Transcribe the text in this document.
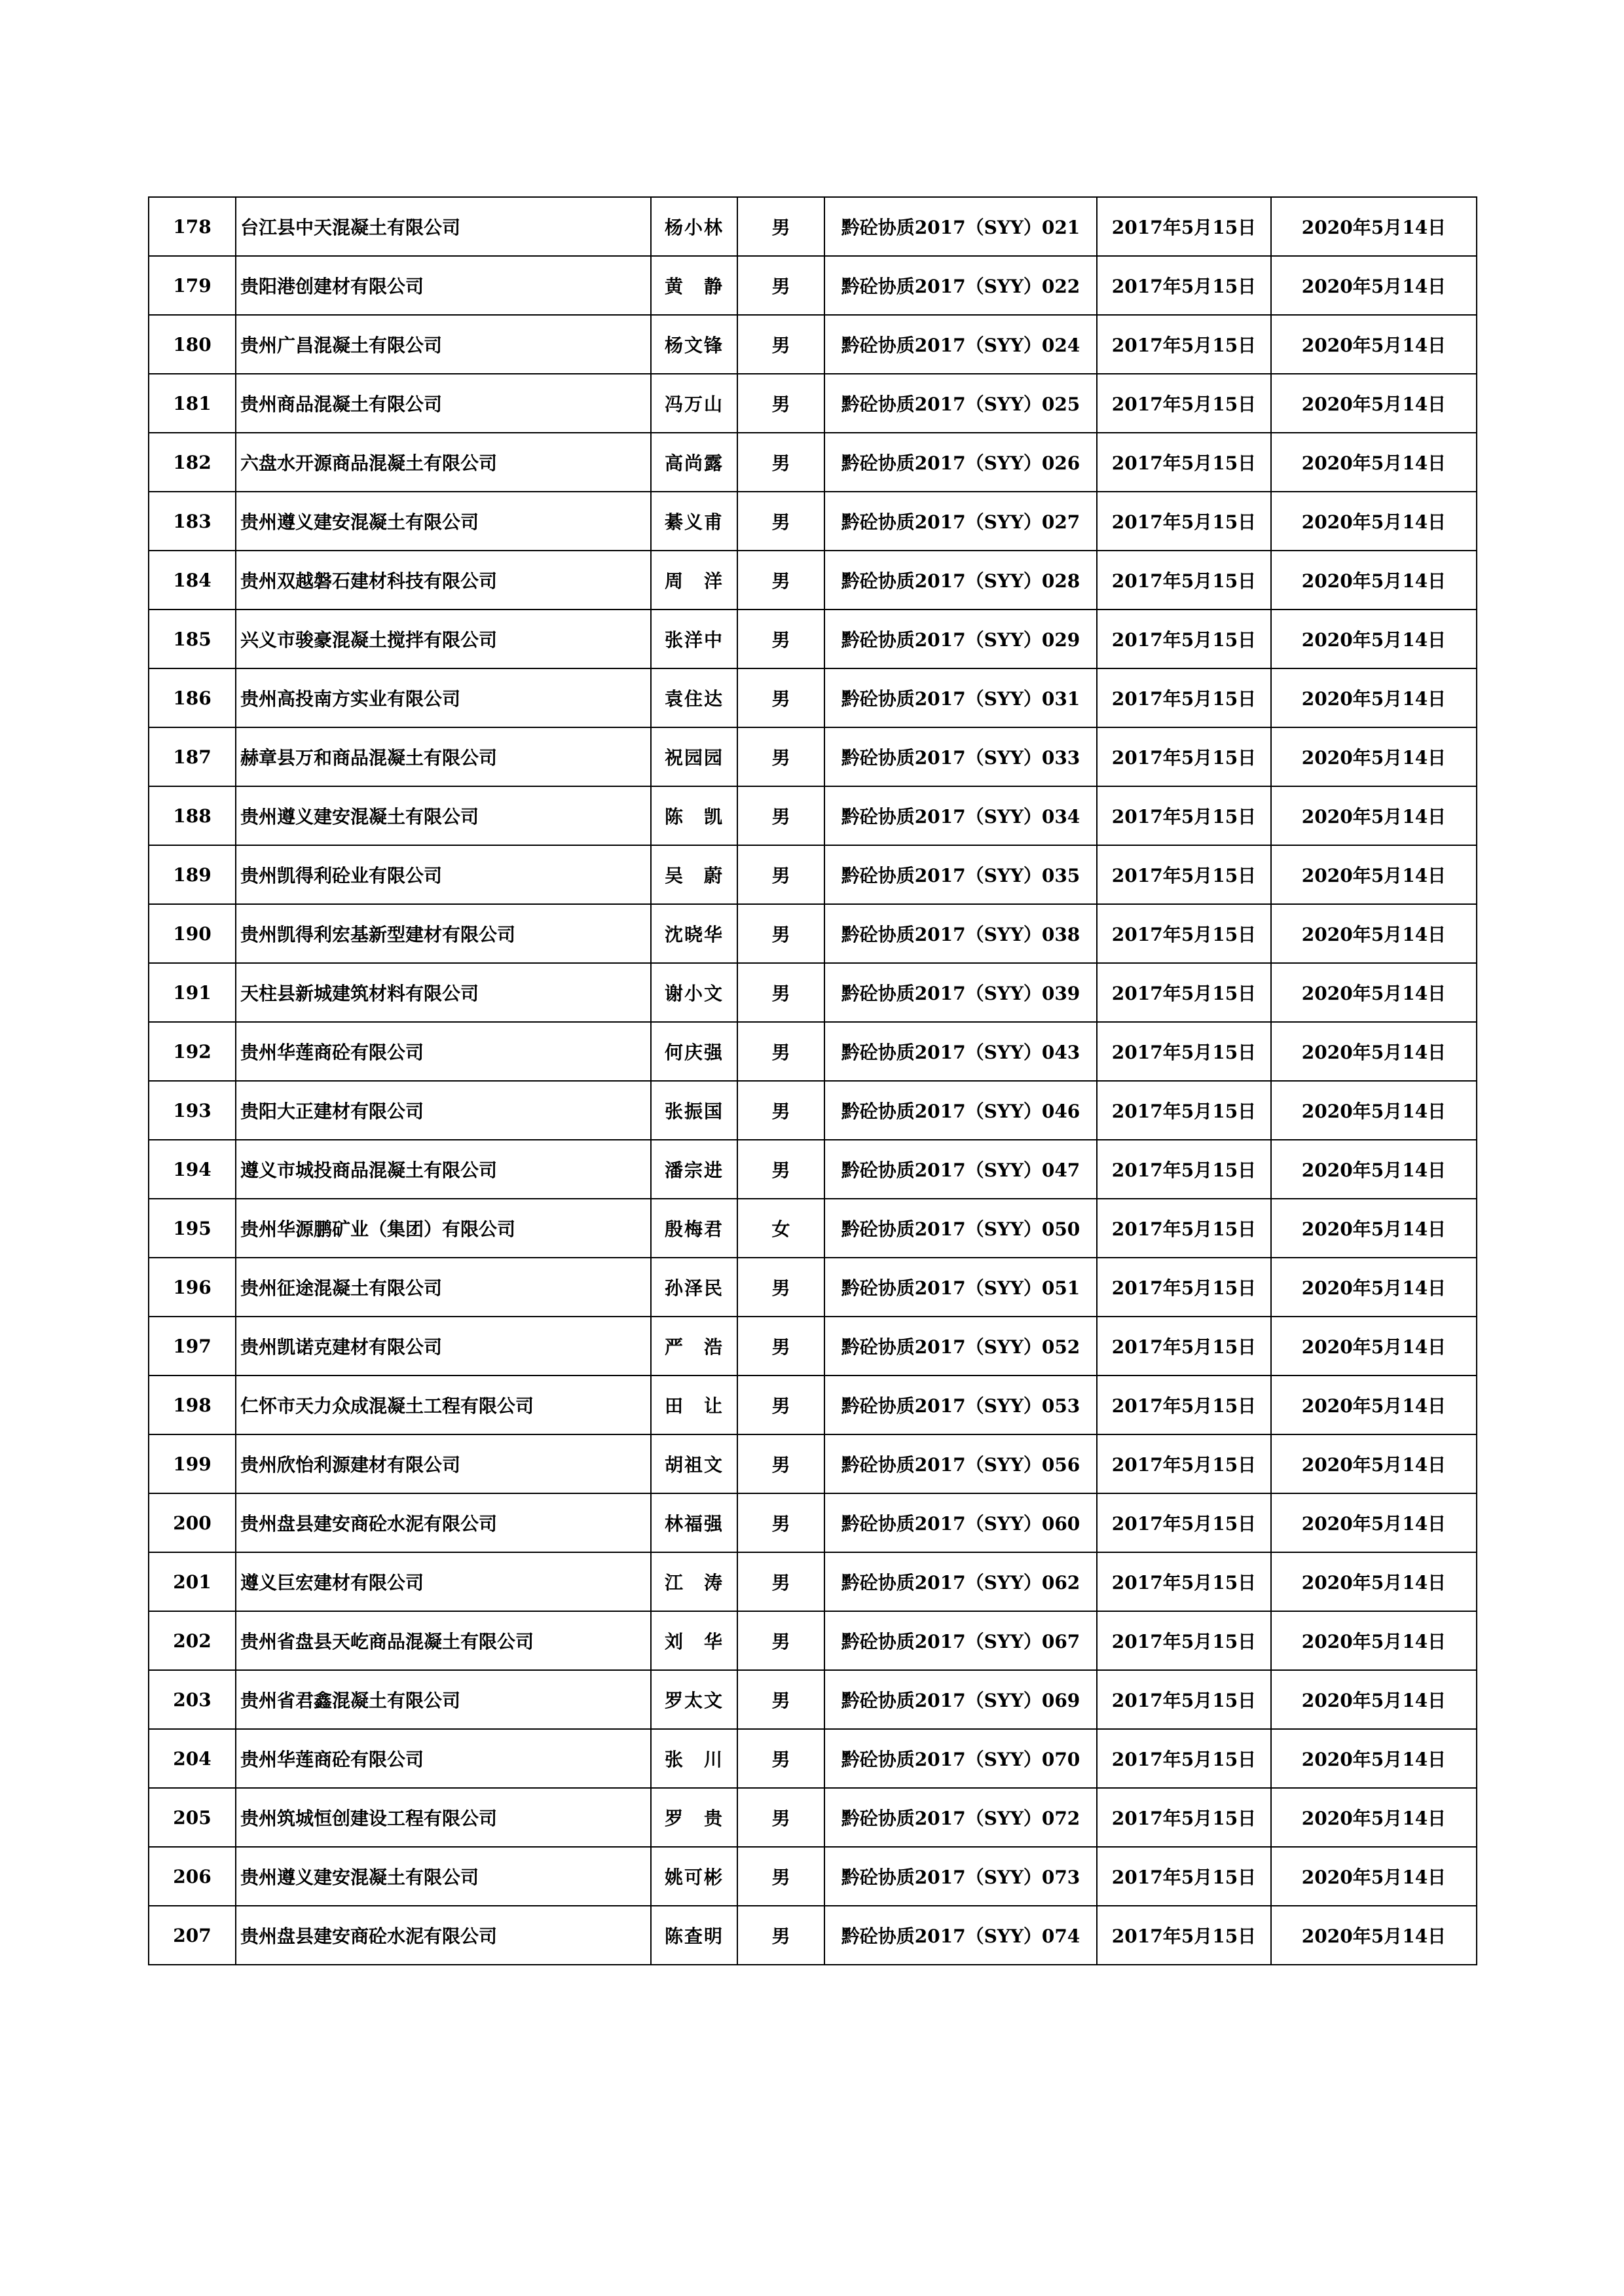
178	台江县中天混凝土有限公司	杨小林	男	黔砼协质2017（SYY）021	2017年5月15日	2020年5月14日
179	贵阳港创建材有限公司	黄　静	男	黔砼协质2017（SYY）022	2017年5月15日	2020年5月14日
180	贵州广昌混凝土有限公司	杨文锋	男	黔砼协质2017（SYY）024	2017年5月15日	2020年5月14日
181	贵州商品混凝土有限公司	冯万山	男	黔砼协质2017（SYY）025	2017年5月15日	2020年5月14日
182	六盘水开源商品混凝土有限公司	高尚露	男	黔砼协质2017（SYY）026	2017年5月15日	2020年5月14日
183	贵州遵义建安混凝土有限公司	綦义甫	男	黔砼协质2017（SYY）027	2017年5月15日	2020年5月14日
184	贵州双越磐石建材科技有限公司	周　洋	男	黔砼协质2017（SYY）028	2017年5月15日	2020年5月14日
185	兴义市骏豪混凝土搅拌有限公司	张洋中	男	黔砼协质2017（SYY）029	2017年5月15日	2020年5月14日
186	贵州高投南方实业有限公司	袁住达	男	黔砼协质2017（SYY）031	2017年5月15日	2020年5月14日
187	赫章县万和商品混凝土有限公司	祝园园	男	黔砼协质2017（SYY）033	2017年5月15日	2020年5月14日
188	贵州遵义建安混凝土有限公司	陈　凯	男	黔砼协质2017（SYY）034	2017年5月15日	2020年5月14日
189	贵州凯得利砼业有限公司	吴　蔚	男	黔砼协质2017（SYY）035	2017年5月15日	2020年5月14日
190	贵州凯得利宏基新型建材有限公司	沈晓华	男	黔砼协质2017（SYY）038	2017年5月15日	2020年5月14日
191	天柱县新城建筑材料有限公司	谢小文	男	黔砼协质2017（SYY）039	2017年5月15日	2020年5月14日
192	贵州华莲商砼有限公司	何庆强	男	黔砼协质2017（SYY）043	2017年5月15日	2020年5月14日
193	贵阳大正建材有限公司	张振国	男	黔砼协质2017（SYY）046	2017年5月15日	2020年5月14日
194	遵义市城投商品混凝土有限公司	潘宗进	男	黔砼协质2017（SYY）047	2017年5月15日	2020年5月14日
195	贵州华源鹏矿业（集团）有限公司	殷梅君	女	黔砼协质2017（SYY）050	2017年5月15日	2020年5月14日
196	贵州征途混凝土有限公司	孙泽民	男	黔砼协质2017（SYY）051	2017年5月15日	2020年5月14日
197	贵州凯诺克建材有限公司	严　浩	男	黔砼协质2017（SYY）052	2017年5月15日	2020年5月14日
198	仁怀市天力众成混凝土工程有限公司	田　让	男	黔砼协质2017（SYY）053	2017年5月15日	2020年5月14日
199	贵州欣怡利源建材有限公司	胡祖文	男	黔砼协质2017（SYY）056	2017年5月15日	2020年5月14日
200	贵州盘县建安商砼水泥有限公司	林福强	男	黔砼协质2017（SYY）060	2017年5月15日	2020年5月14日
201	遵义巨宏建材有限公司	江　涛	男	黔砼协质2017（SYY）062	2017年5月15日	2020年5月14日
202	贵州省盘县天屹商品混凝土有限公司	刘　华	男	黔砼协质2017（SYY）067	2017年5月15日	2020年5月14日
203	贵州省君鑫混凝土有限公司	罗太文	男	黔砼协质2017（SYY）069	2017年5月15日	2020年5月14日
204	贵州华莲商砼有限公司	张　川	男	黔砼协质2017（SYY）070	2017年5月15日	2020年5月14日
205	贵州筑城恒创建设工程有限公司	罗　贵	男	黔砼协质2017（SYY）072	2017年5月15日	2020年5月14日
206	贵州遵义建安混凝土有限公司	姚可彬	男	黔砼协质2017（SYY）073	2017年5月15日	2020年5月14日
207	贵州盘县建安商砼水泥有限公司	陈查明	男	黔砼协质2017（SYY）074	2017年5月15日	2020年5月14日
